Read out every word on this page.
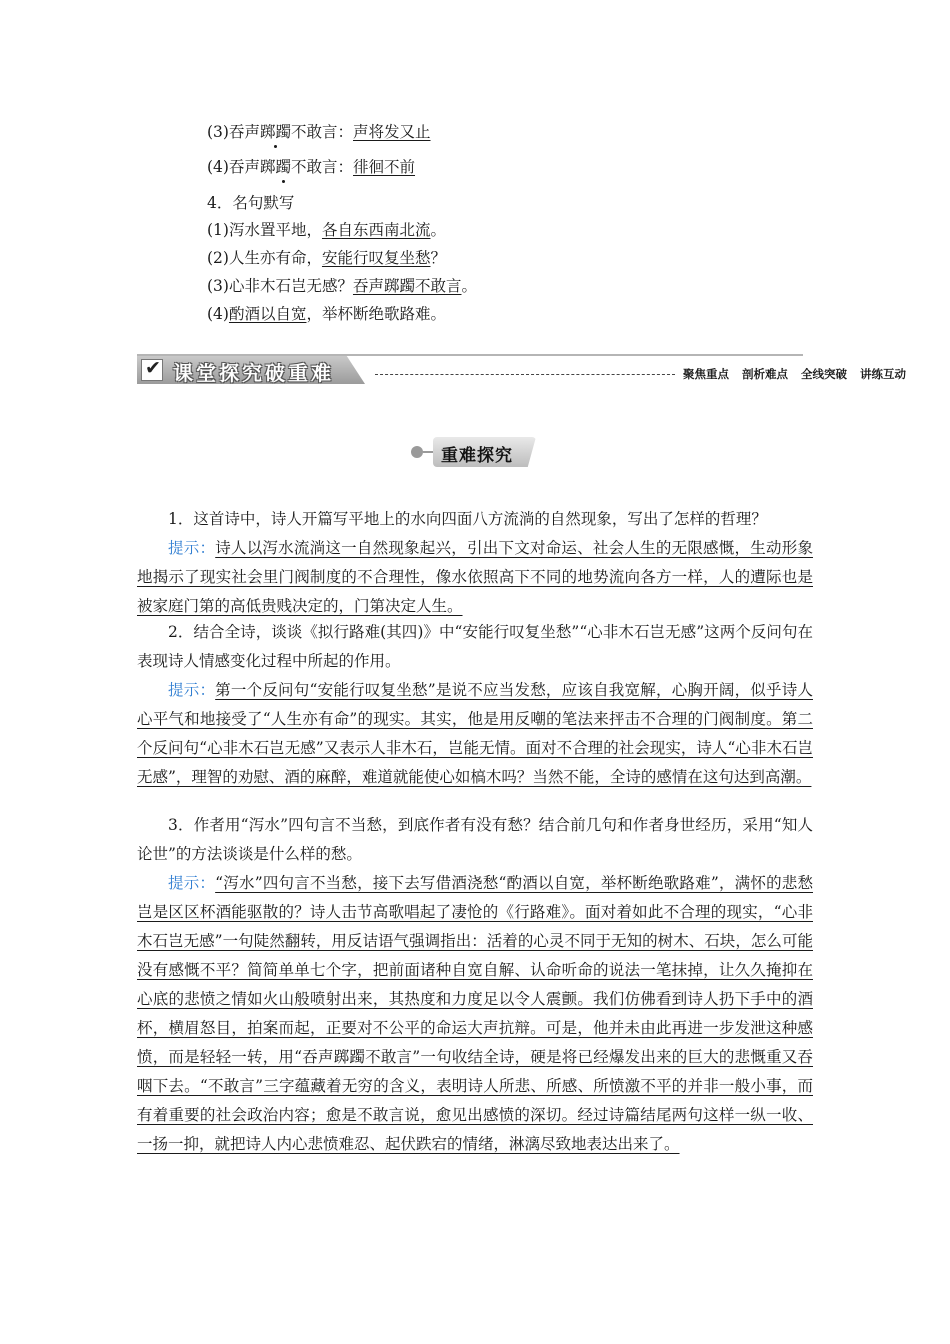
(3)吞声踯躅不敢言：声将发又止
(4)吞声踯躅不敢言：徘徊不前
4．名句默写
(1)泻水置平地，各自东西南北流。
(2)人生亦有命，安能行叹复坐愁？
(3)心非木石岂无感？吞声踯躅不敢言。
(4)酌酒以自宽，举杯断绝歌路难。
✔ 课堂探究破重难	聚焦重点 剖析难点 全线突破 讲练互动
重难探究
1．这首诗中，诗人开篇写平地上的水向四面八方流淌的自然现象，写出了怎样的哲理？
提示：诗人以泻水流淌这一自然现象起兴，引出下文对命运、社会人生的无限感慨，生动形象地揭示了现实社会里门阀制度的不合理性，像水依照高下不同的地势流向各方一样，人的遭际也是被家庭门第的高低贵贱决定的，门第决定人生。
2．结合全诗，谈谈《拟行路难(其四)》中“安能行叹复坐愁”“心非木石岂无感”这两个反问句在表现诗人情感变化过程中所起的作用。
提示：第一个反问句“安能行叹复坐愁”是说不应当发愁，应该自我宽解，心胸开阔，似乎诗人心平气和地接受了“人生亦有命”的现实。其实，他是用反嘲的笔法来抨击不合理的门阀制度。第二个反问句“心非木石岂无感”又表示人非木石，岂能无情。面对不合理的社会现实，诗人“心非木石岂无感”，理智的劝慰、酒的麻醉，难道就能使心如槁木吗？当然不能，全诗的感情在这句达到高潮。
3．作者用“泻水”四句言不当愁，到底作者有没有愁？结合前几句和作者身世经历，采用“知人论世”的方法谈谈是什么样的愁。
提示：“泻水”四句言不当愁，接下去写借酒浇愁“酌酒以自宽，举杯断绝歌路难”，满怀的悲愁岂是区区杯酒能驱散的？诗人击节高歌唱起了凄怆的《行路难》。面对着如此不合理的现实，“心非木石岂无感”一句陡然翻转，用反诘语气强调指出：活着的心灵不同于无知的树木、石块，怎么可能没有感慨不平？简简单单七个字，把前面诸种自宽自解、认命听命的说法一笔抹掉，让久久掩抑在心底的悲愤之情如火山般喷射出来，其热度和力度足以令人震颤。我们仿佛看到诗人扔下手中的酒杯，横眉怒目，拍案而起，正要对不公平的命运大声抗辩。可是，他并未由此再进一步发泄这种感愤，而是轻轻一转，用“吞声踯躅不敢言”一句收结全诗，硬是将已经爆发出来的巨大的悲慨重又吞咽下去。“不敢言”三字蕴藏着无穷的含义，表明诗人所悲、所感、所愤激不平的并非一般小事，而有着重要的社会政治内容；愈是不敢言说，愈见出感愤的深切。经过诗篇结尾两句这样一纵一收、一扬一抑，就把诗人内心悲愤难忍、起伏跌宕的情绪，淋漓尽致地表达出来了。
